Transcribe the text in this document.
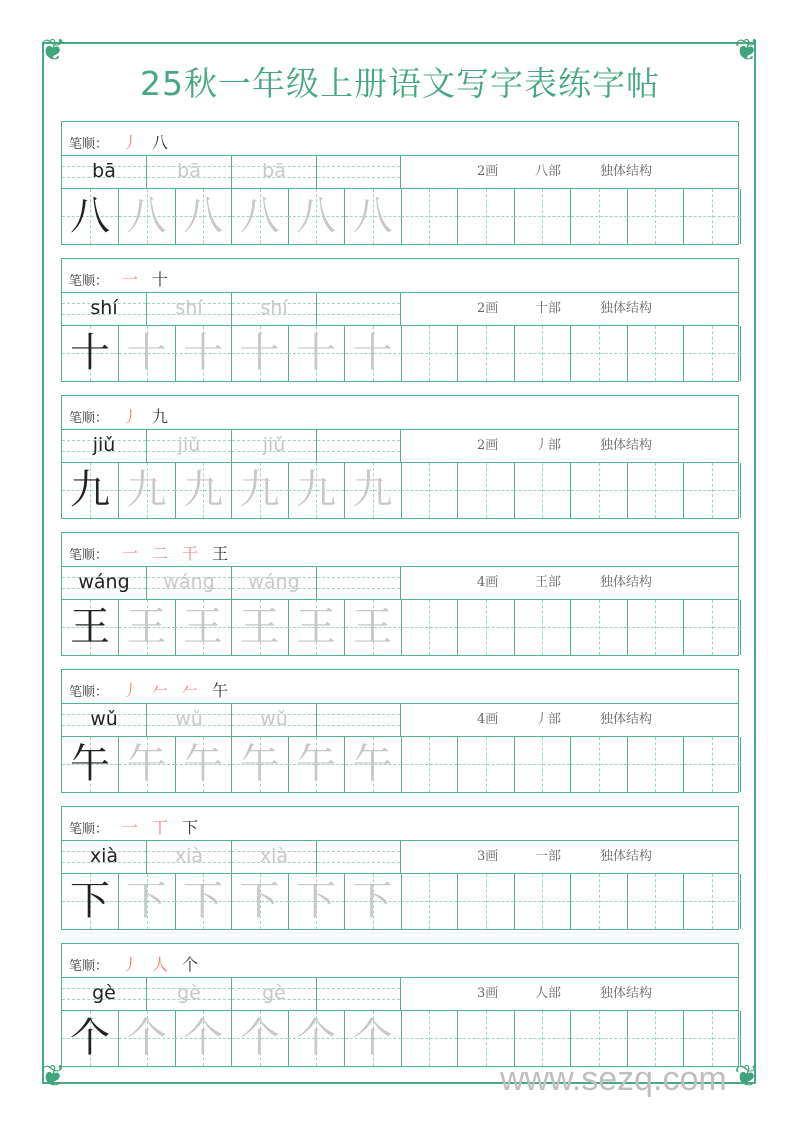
❦	❦
❦	❦
25秋一年级上册语文写字表练字帖
笔顺： 丿 八
bā	bā	bā	2画	八部	独体结构
八 八 八 八 八 八
笔顺： 一 十
shí	shí	shí	2画	十部	独体结构
十 十 十 十 十 十
笔顺： 丿 九
jiǔ	jiǔ	jiǔ	2画	丿部	独体结构
九 九 九 九 九 九
笔顺： 一 二 干 王
wáng	wáng	wáng	4画	王部	独体结构
王 王 王 王 王 王
笔顺： 丿 𠂉 𠂉 午
wǔ	wǔ	wǔ	4画	丿部	独体结构
午 午 午 午 午 午
笔顺： 一 丅 下
xià	xià	xià	3画	一部	独体结构
下 下 下 下 下 下
笔顺： 丿 人 个
gè	gè	gè	3画	人部	独体结构
个 个 个 个 个 个
www.sezq.com
